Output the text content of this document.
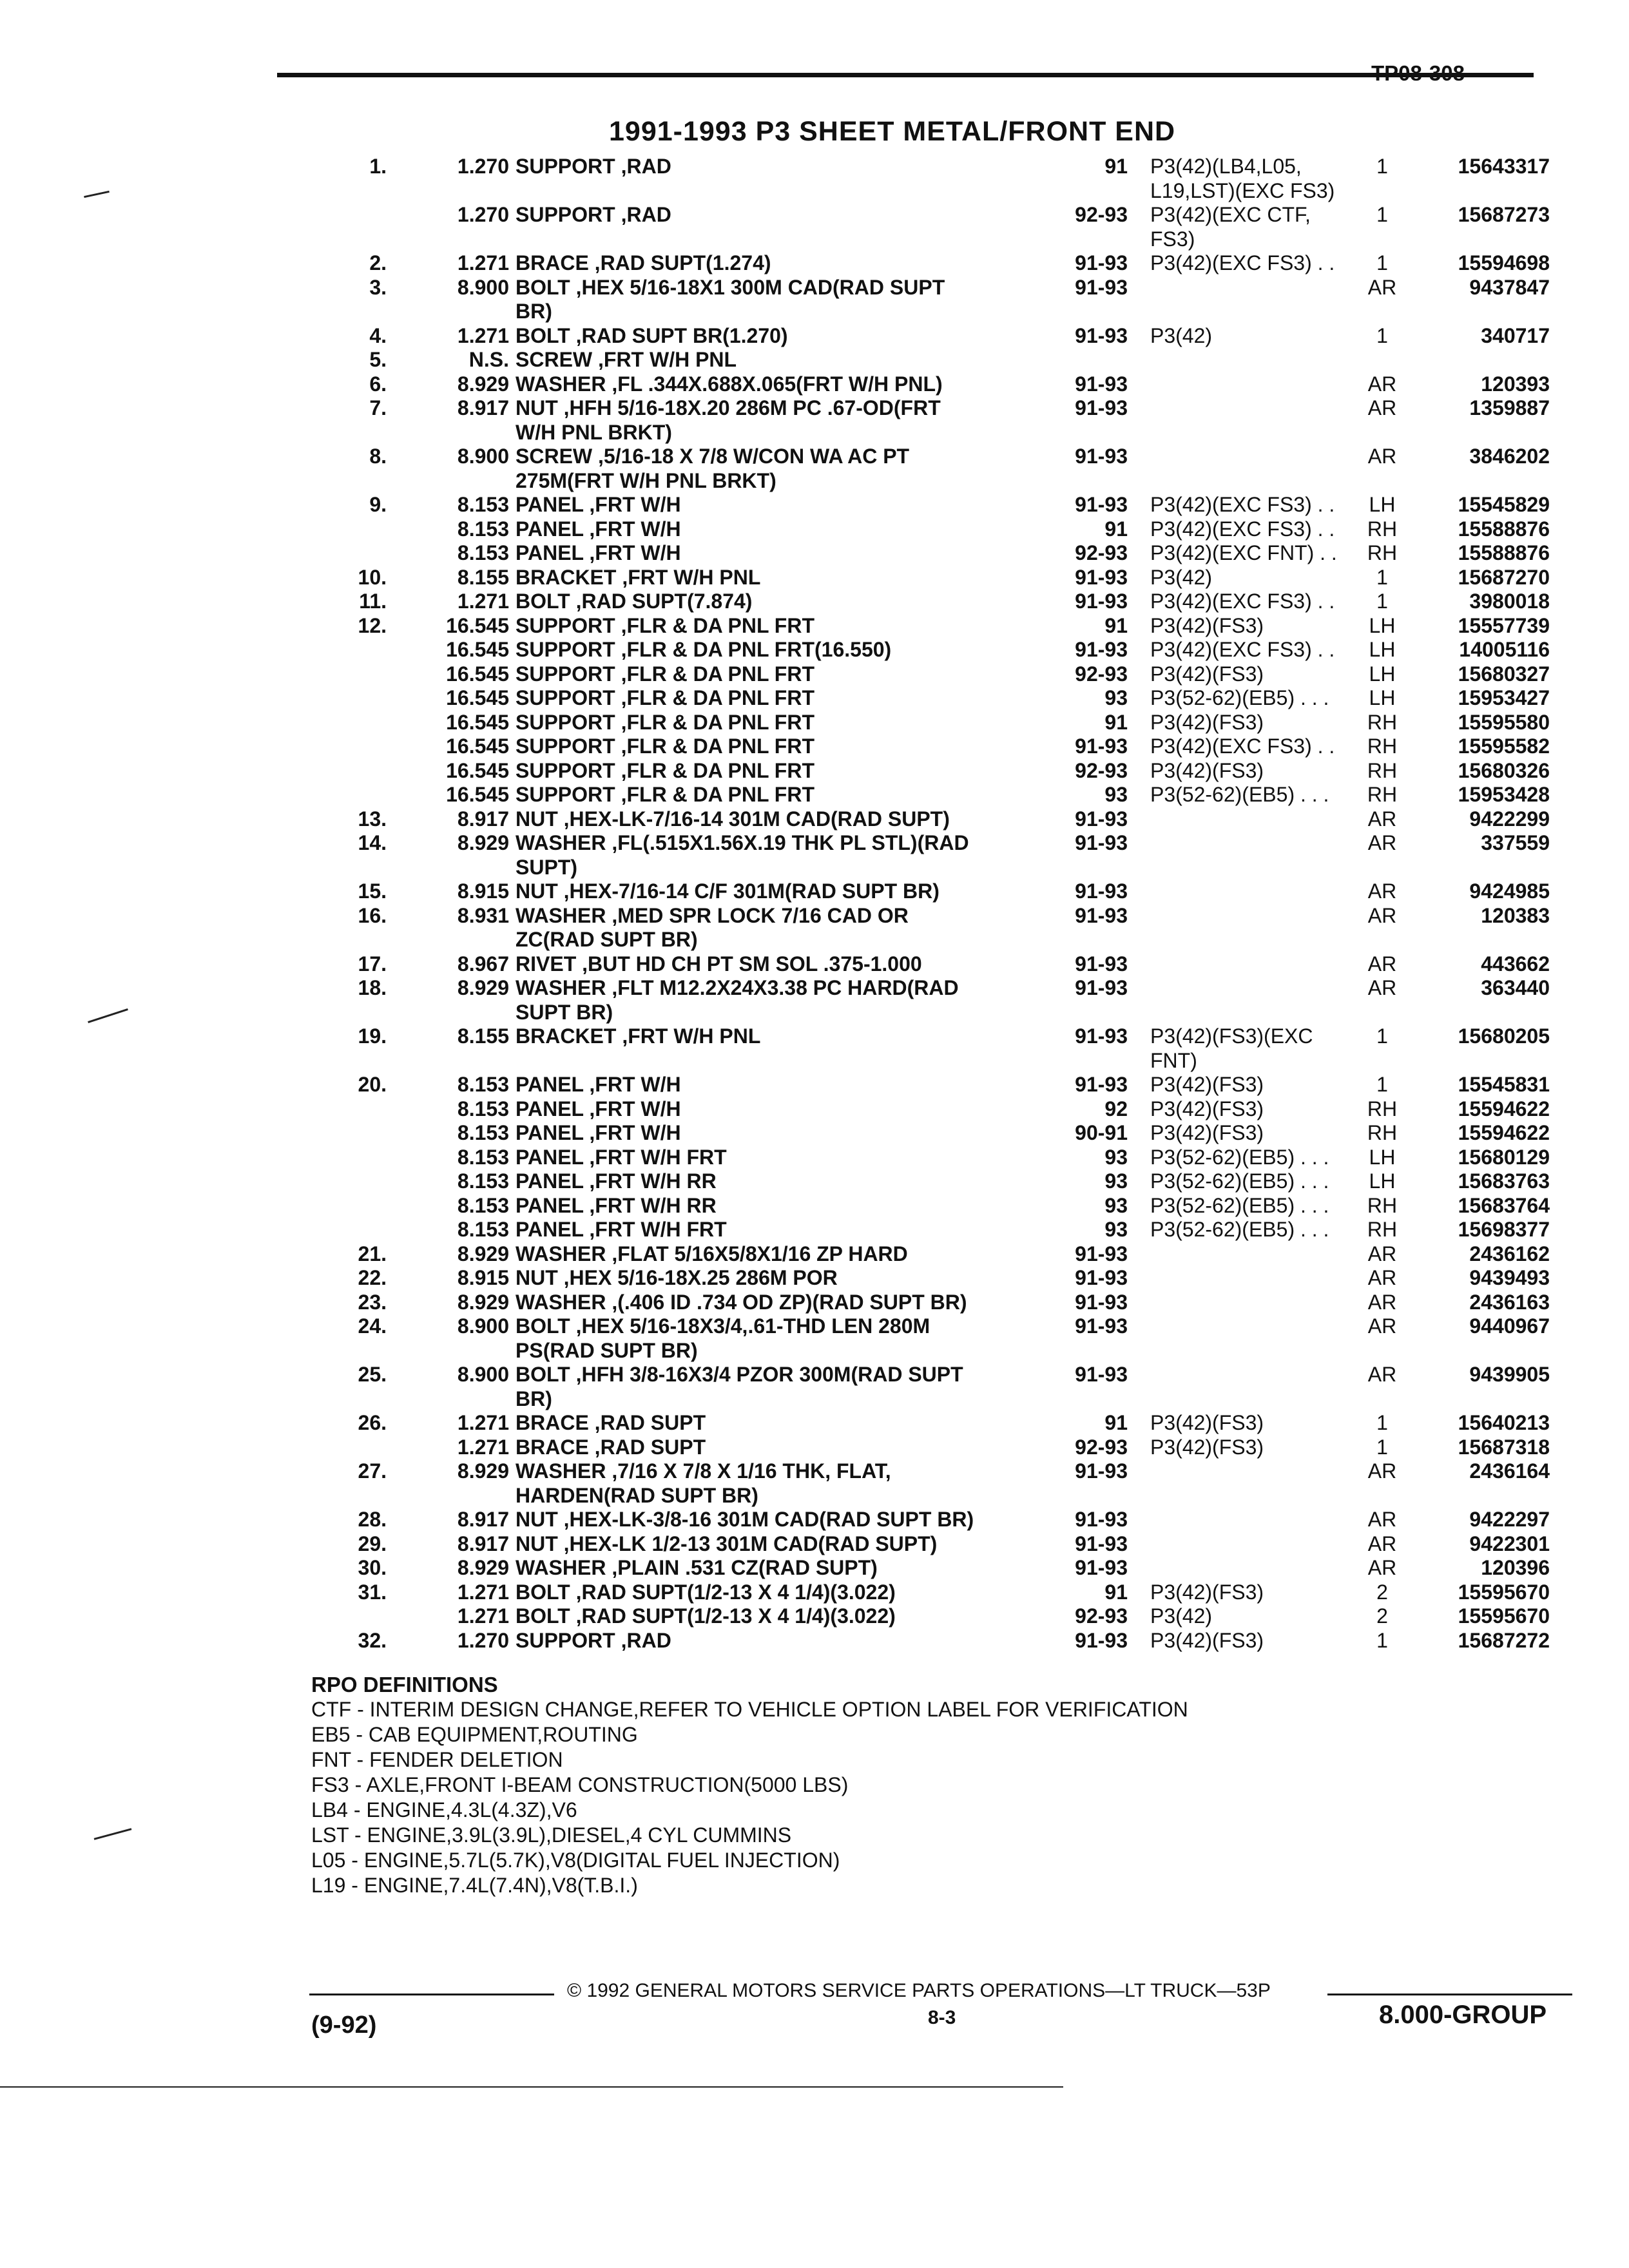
TP08-308
1991-1993 P3 SHEET METAL/FRONT END
1.	1.270 SUPPORT ,RAD	91 P3(42)(LB4,L05,	1	15643317
L19,LST)(EXC FS3)
1.270 SUPPORT ,RAD	92-93 P3(42)(EXC CTF,	1	15687273
FS3)
2.	1.271 BRACE ,RAD SUPT(1.274)	91-93 P3(42)(EXC FS3) . .	1	15594698
3.	8.900 BOLT ,HEX 5/16-18X1 300M CAD(RAD SUPT	91-93	AR	9437847
BR)
4.	1.271 BOLT ,RAD SUPT BR(1.270)	91-93 P3(42)	1	340717
5.	N.S. SCREW ,FRT W/H PNL
6.	8.929 WASHER ,FL .344X.688X.065(FRT W/H PNL)	91-93	AR	120393
7.	8.917 NUT ,HFH 5/16-18X.20 286M PC .67-OD(FRT	91-93	AR	1359887
W/H PNL BRKT)
8.	8.900 SCREW ,5/16-18 X 7/8 W/CON WA AC PT	91-93	AR	3846202
275M(FRT W/H PNL BRKT)
9.	8.153 PANEL ,FRT W/H	91-93 P3(42)(EXC FS3) . .	LH	15545829
8.153 PANEL ,FRT W/H	91 P3(42)(EXC FS3) . .	RH	15588876
8.153 PANEL ,FRT W/H	92-93 P3(42)(EXC FNT) . .	RH	15588876
10.	8.155 BRACKET ,FRT W/H PNL	91-93 P3(42)	1	15687270
11.	1.271 BOLT ,RAD SUPT(7.874)	91-93 P3(42)(EXC FS3) . .	1	3980018
12.	16.545 SUPPORT ,FLR & DA PNL FRT	91 P3(42)(FS3)	LH	15557739
16.545 SUPPORT ,FLR & DA PNL FRT(16.550)	91-93 P3(42)(EXC FS3) . .	LH	14005116
16.545 SUPPORT ,FLR & DA PNL FRT	92-93 P3(42)(FS3)	LH	15680327
16.545 SUPPORT ,FLR & DA PNL FRT	93 P3(52-62)(EB5) . . .	LH	15953427
16.545 SUPPORT ,FLR & DA PNL FRT	91 P3(42)(FS3)	RH	15595580
16.545 SUPPORT ,FLR & DA PNL FRT	91-93 P3(42)(EXC FS3) . .	RH	15595582
16.545 SUPPORT ,FLR & DA PNL FRT	92-93 P3(42)(FS3)	RH	15680326
16.545 SUPPORT ,FLR & DA PNL FRT	93 P3(52-62)(EB5) . . .	RH	15953428
13.	8.917 NUT ,HEX-LK-7/16-14 301M CAD(RAD SUPT)	91-93	AR	9422299
14.	8.929 WASHER ,FL(.515X1.56X.19 THK PL STL)(RAD	91-93	AR	337559
SUPT)
15.	8.915 NUT ,HEX-7/16-14 C/F 301M(RAD SUPT BR)	91-93	AR	9424985
16.	8.931 WASHER ,MED SPR LOCK 7/16 CAD OR	91-93	AR	120383
ZC(RAD SUPT BR)
17.	8.967 RIVET ,BUT HD CH PT SM SOL .375-1.000	91-93	AR	443662
18.	8.929 WASHER ,FLT M12.2X24X3.38 PC HARD(RAD	91-93	AR	363440
SUPT BR)
19.	8.155 BRACKET ,FRT W/H PNL	91-93 P3(42)(FS3)(EXC	1	15680205
FNT)
20.	8.153 PANEL ,FRT W/H	91-93 P3(42)(FS3)	1	15545831
8.153 PANEL ,FRT W/H	92 P3(42)(FS3)	RH	15594622
8.153 PANEL ,FRT W/H	90-91 P3(42)(FS3)	RH	15594622
8.153 PANEL ,FRT W/H FRT	93 P3(52-62)(EB5) . . .	LH	15680129
8.153 PANEL ,FRT W/H RR	93 P3(52-62)(EB5) . . .	LH	15683763
8.153 PANEL ,FRT W/H RR	93 P3(52-62)(EB5) . . .	RH	15683764
8.153 PANEL ,FRT W/H FRT	93 P3(52-62)(EB5) . . .	RH	15698377
21.	8.929 WASHER ,FLAT 5/16X5/8X1/16 ZP HARD	91-93	AR	2436162
22.	8.915 NUT ,HEX 5/16-18X.25 286M POR	91-93	AR	9439493
23.	8.929 WASHER ,(.406 ID .734 OD ZP)(RAD SUPT BR)	91-93	AR	2436163
24.	8.900 BOLT ,HEX 5/16-18X3/4,.61-THD LEN 280M	91-93	AR	9440967
PS(RAD SUPT BR)
25.	8.900 BOLT ,HFH 3/8-16X3/4 PZOR 300M(RAD SUPT	91-93	AR	9439905
BR)
26.	1.271 BRACE ,RAD SUPT	91 P3(42)(FS3)	1	15640213
1.271 BRACE ,RAD SUPT	92-93 P3(42)(FS3)	1	15687318
27.	8.929 WASHER ,7/16 X 7/8 X 1/16 THK, FLAT,	91-93	AR	2436164
HARDEN(RAD SUPT BR)
28.	8.917 NUT ,HEX-LK-3/8-16 301M CAD(RAD SUPT BR)	91-93	AR	9422297
29.	8.917 NUT ,HEX-LK 1/2-13 301M CAD(RAD SUPT)	91-93	AR	9422301
30.	8.929 WASHER ,PLAIN .531 CZ(RAD SUPT)	91-93	AR	120396
31.	1.271 BOLT ,RAD SUPT(1/2-13 X 4 1/4)(3.022)	91 P3(42)(FS3)	2	15595670
1.271 BOLT ,RAD SUPT(1/2-13 X 4 1/4)(3.022)	92-93 P3(42)	2	15595670
32.	1.270 SUPPORT ,RAD	91-93 P3(42)(FS3)	1	15687272
RPO DEFINITIONS
CTF - INTERIM DESIGN CHANGE,REFER TO VEHICLE OPTION LABEL FOR VERIFICATION
EB5 - CAB EQUIPMENT,ROUTING
FNT - FENDER DELETION
FS3 - AXLE,FRONT I-BEAM CONSTRUCTION(5000 LBS)
LB4 - ENGINE,4.3L(4.3Z),V6
LST - ENGINE,3.9L(3.9L),DIESEL,4 CYL CUMMINS
L05 - ENGINE,5.7L(5.7K),V8(DIGITAL FUEL INJECTION)
L19 - ENGINE,7.4L(7.4N),V8(T.B.I.)
© 1992 GENERAL MOTORS SERVICE PARTS OPERATIONS—LT TRUCK—53P
8-3
(9-92)	8.000-GROUP
